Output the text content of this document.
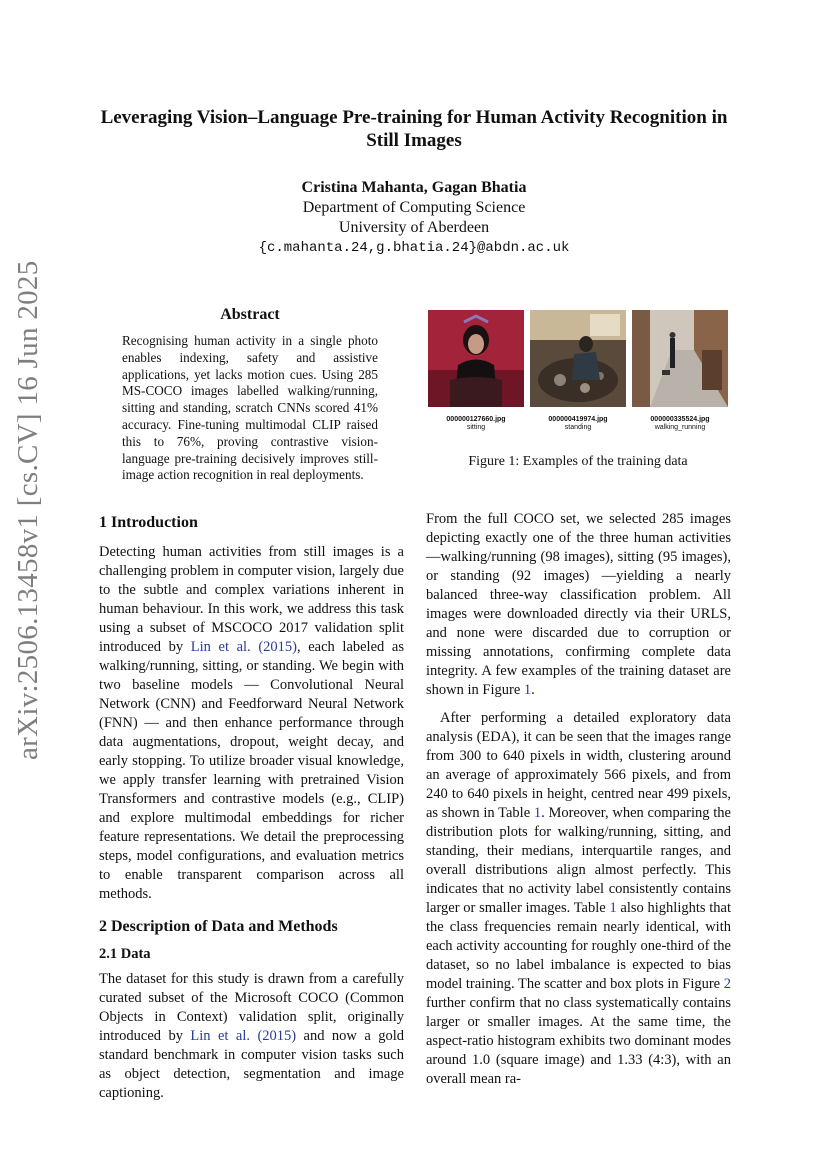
Leveraging Vision–Language Pre-training for Human Activity Recognition in Still Images
Cristina Mahanta, Gagan Bhatia
Department of Computing Science
University of Aberdeen
{c.mahanta.24,g.bhatia.24}@abdn.ac.uk
arXiv:2506.13458v1 [cs.CV] 16 Jun 2025	Abstract
Recognising human activity in a single photo enables indexing, safety and assistive applications, yet lacks motion cues. Using 285 MS-COCO images labelled walking/running, sitting and standing, scratch CNNs scored 41% accuracy. Fine-tuning multimodal CLIP raised this to 76%, proving contrastive vision-language pre-training decisively improves still-image action recognition in real deployments.
000000127660.jpg
sitting
000000419974.jpg
standing
000000335524.jpg
walking_running
Figure 1: Examples of the training data
1 Introduction

Detecting human activities from still images is a challenging problem in computer vision, largely due to the subtle and complex variations inherent in human behaviour. In this work, we address this task using a subset of MSCOCO 2017 validation split introduced by Lin et al. (2015), each labeled as walking/running, sitting, or standing. We begin with two baseline models — Convolutional Neural Network (CNN) and Feedforward Neural Network (FNN) — and then enhance performance through data augmentations, dropout, weight decay, and early stopping. To utilize broader visual knowledge, we apply transfer learning with pretrained Vision Transformers and contrastive models (e.g., CLIP) and explore multimodal embeddings for richer feature representations. We detail the preprocessing steps, model configurations, and evaluation metrics to enable transparent comparison across all methods.

2 Description of Data and Methods
2.1 Data

The dataset for this study is drawn from a carefully curated subset of the Microsoft COCO (Common Objects in Context) validation split, originally introduced by Lin et al. (2015) and now a gold standard benchmark in computer vision tasks such as object detection, segmentation and image captioning.

From the full COCO set, we selected 285 images depicting exactly one of the three human activities—walking/running (98 images), sitting (95 images), or standing (92 images) —yielding a nearly balanced three-way classification problem. All images were downloaded directly via their URLS, and none were discarded due to corruption or missing annotations, confirming complete data integrity. A few examples of the training dataset are shown in Figure 1.

After performing a detailed exploratory data analysis (EDA), it can be seen that the images range from 300 to 640 pixels in width, clustering around an average of approximately 566 pixels, and from 240 to 640 pixels in height, centred near 499 pixels, as shown in Table 1. Moreover, when comparing the distribution plots for walking/running, sitting, and standing, their medians, interquartile ranges, and overall distributions align almost perfectly. This indicates that no activity label consistently contains larger or smaller images. Table 1 also highlights that the class frequencies remain nearly identical, with each activity accounting for roughly one-third of the dataset, so no label imbalance is expected to bias model training. The scatter and box plots in Figure 2 further confirm that no class systematically contains larger or smaller images. At the same time, the aspect-ratio histogram exhibits two dominant modes around 1.0 (square image) and 1.33 (4:3), with an overall mean ra-
